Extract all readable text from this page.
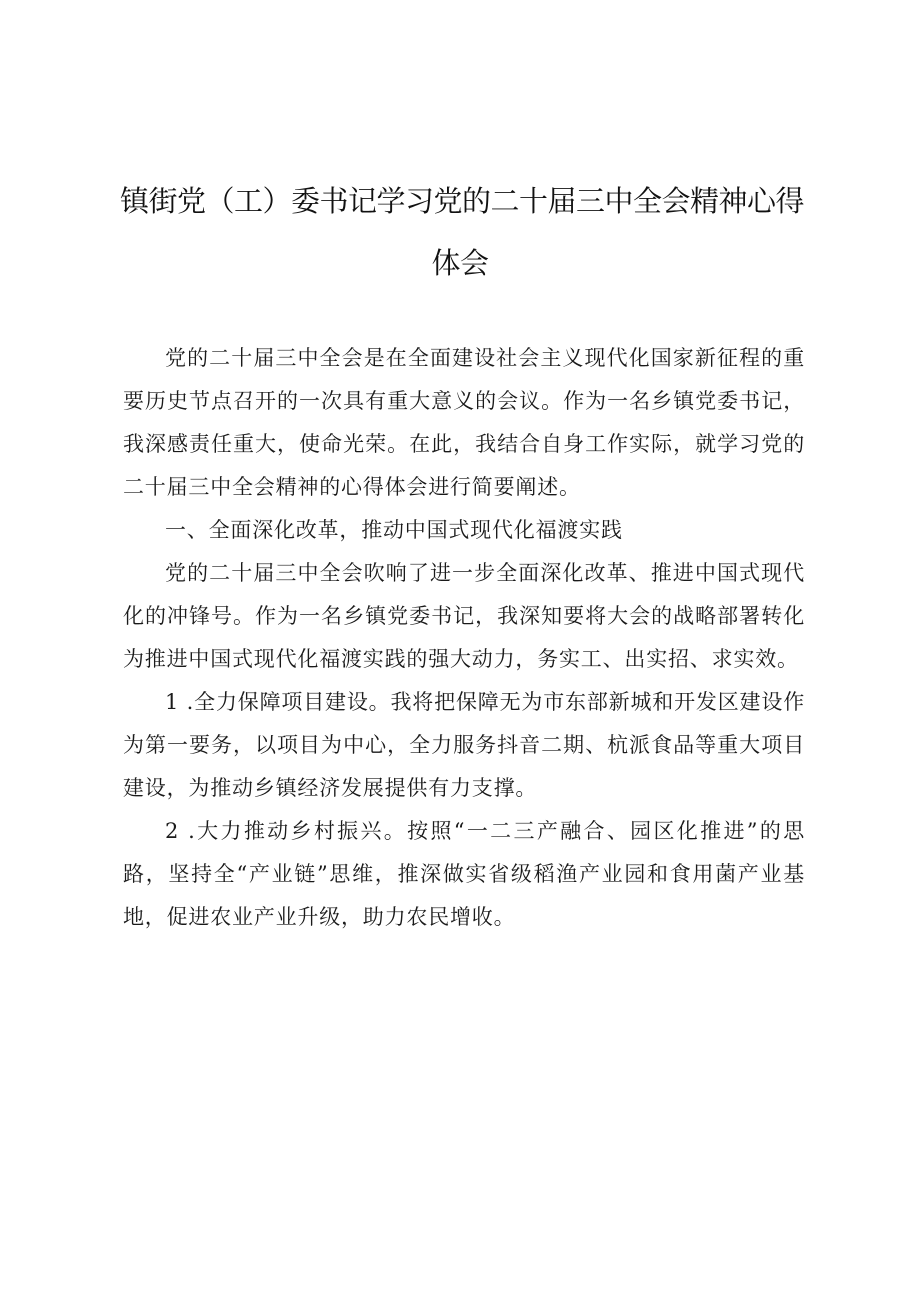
镇街党（工）委书记学习党的二十届三中全会精神心得
体会

党的二十届三中全会是在全面建设社会主义现代化国家新征程的重要历史节点召开的一次具有重大意义的会议。作为一名乡镇党委书记，我深感责任重大，使命光荣。在此，我结合自身工作实际，就学习党的二十届三中全会精神的心得体会进行简要阐述。

一、全面深化改革，推动中国式现代化福渡实践

党的二十届三中全会吹响了进一步全面深化改革、推进中国式现代化的冲锋号。作为一名乡镇党委书记，我深知要将大会的战略部署转化为推进中国式现代化福渡实践的强大动力，务实工、出实招、求实效。

1 .全力保障项目建设。我将把保障无为市东部新城和开发区建设作为第一要务，以项目为中心，全力服务抖音二期、杭派食品等重大项目建设，为推动乡镇经济发展提供有力支撑。

2 .大力推动乡村振兴。按照“一二三产融合、园区化推进”的思路，坚持全“产业链”思维，推深做实省级稻渔产业园和食用菌产业基地，促进农业产业升级，助力农民增收。
